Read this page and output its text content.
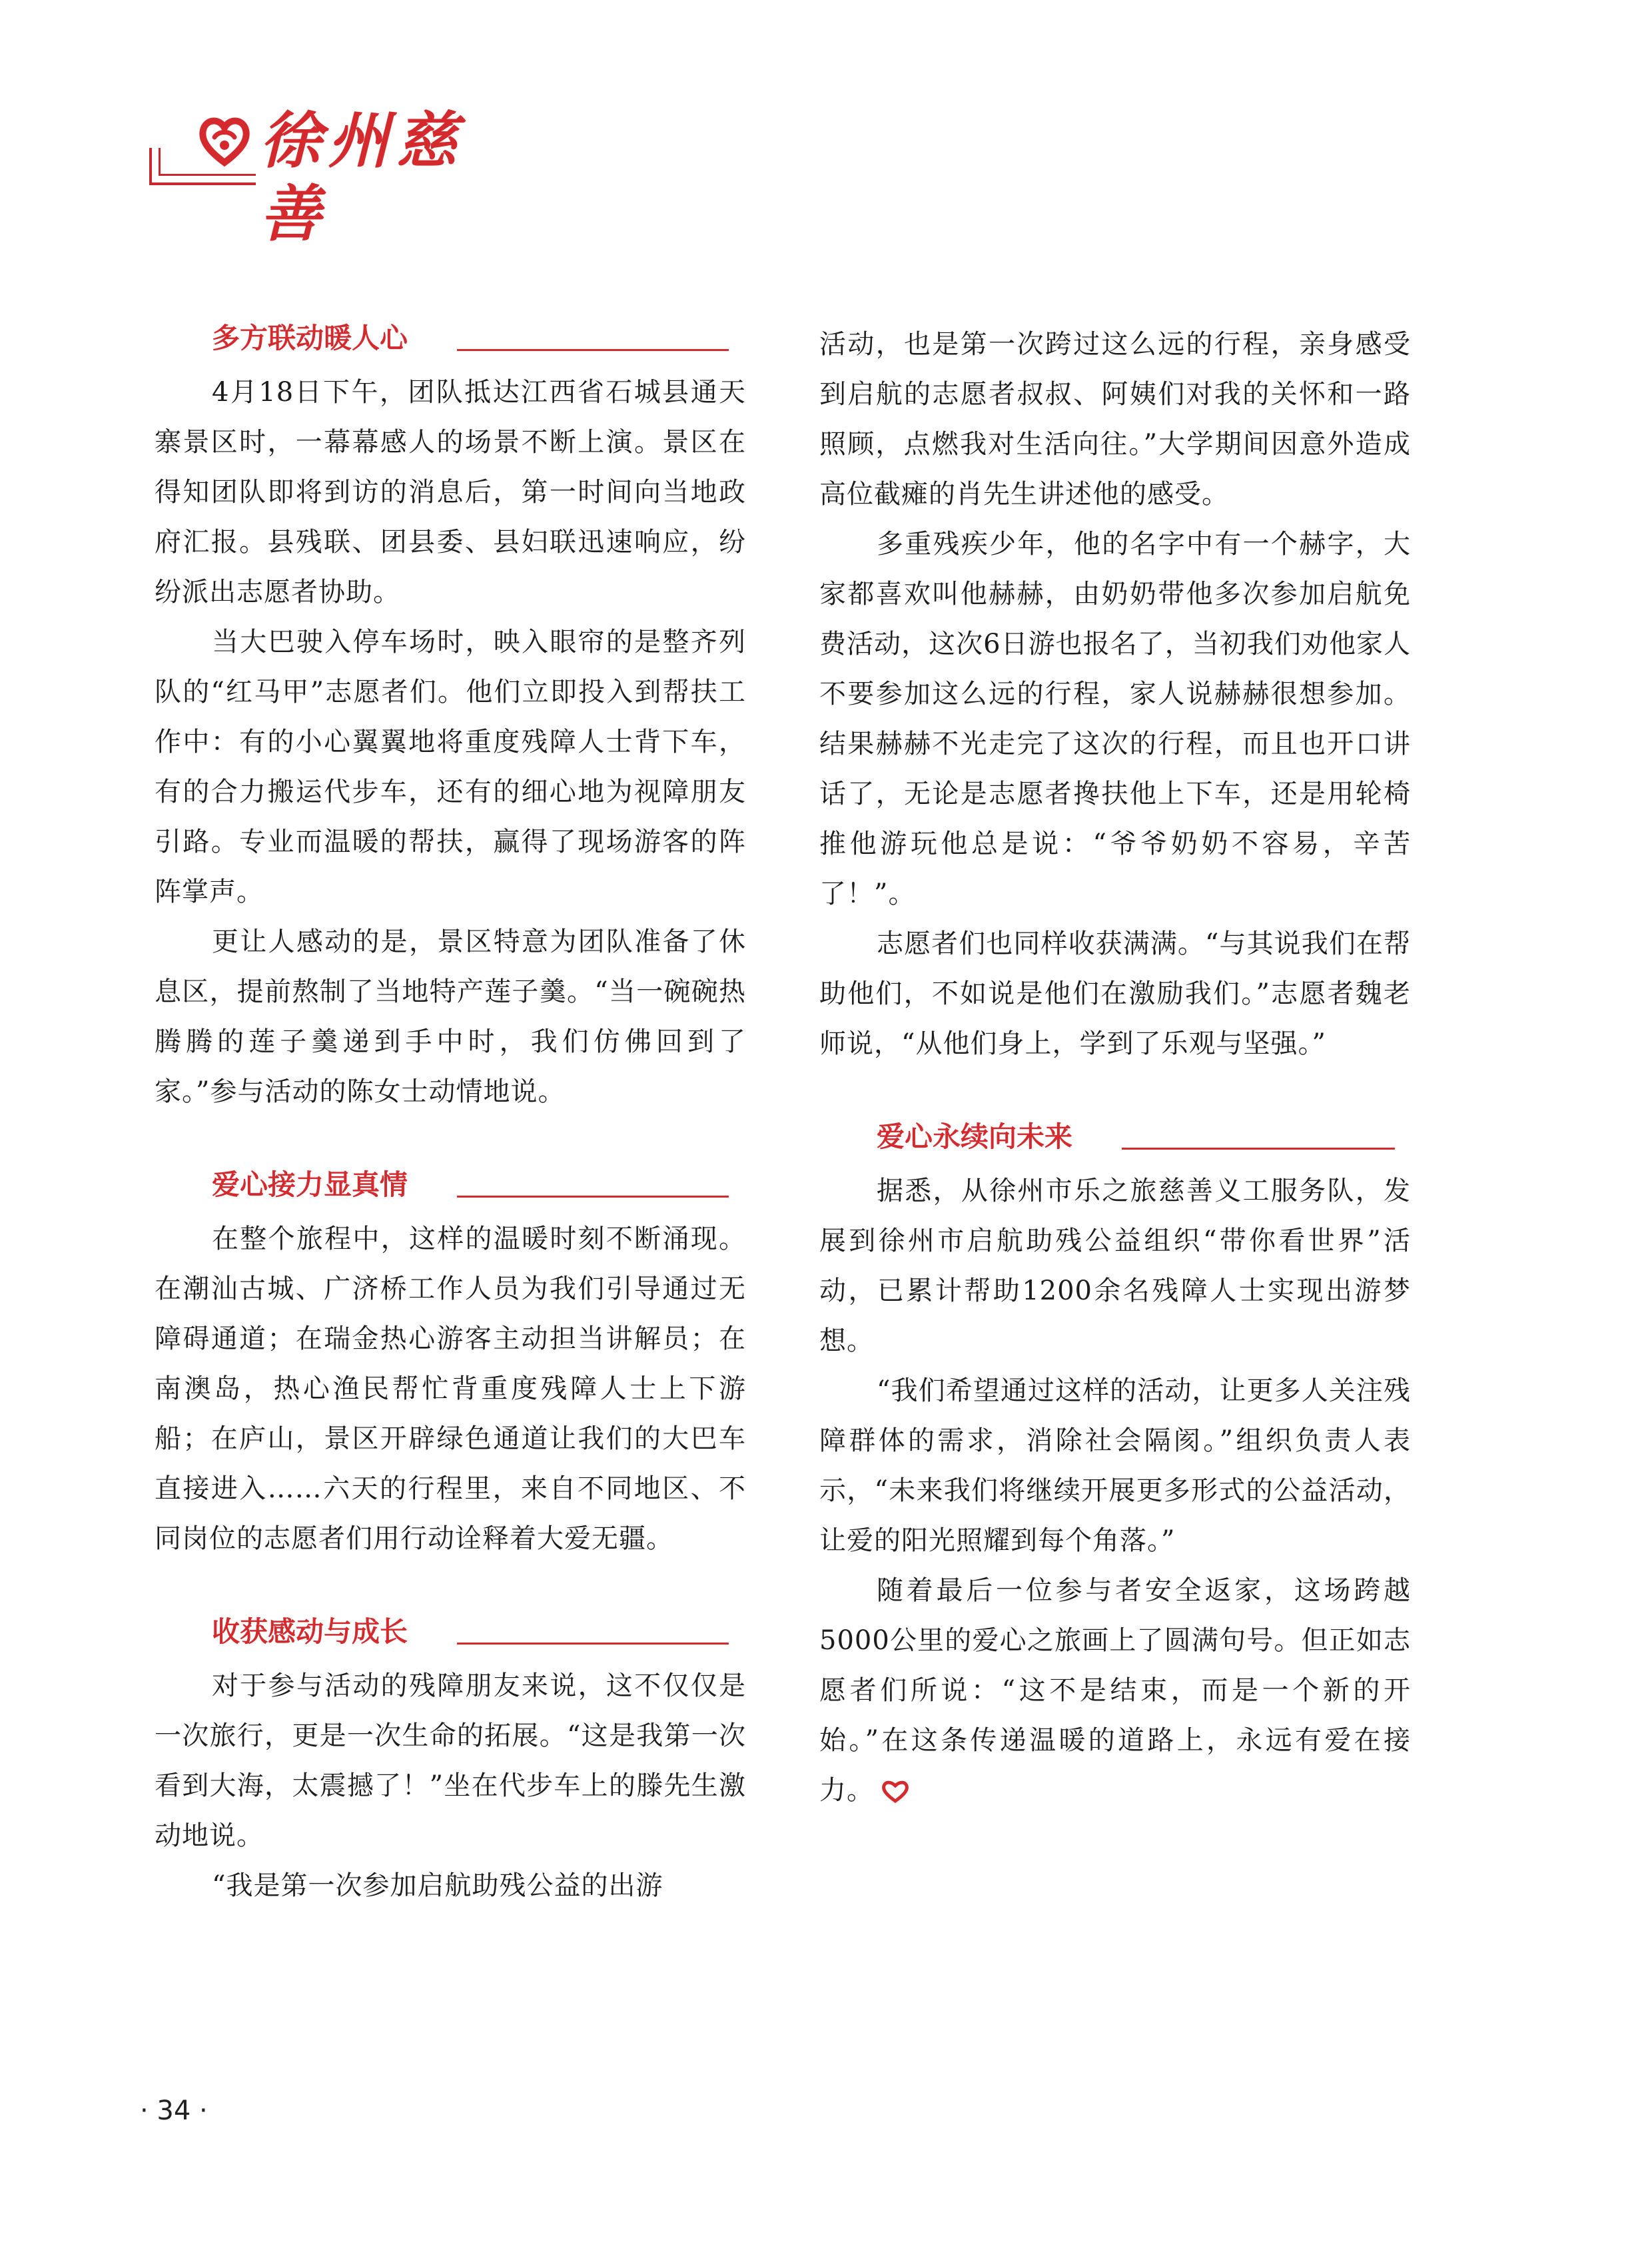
徐州慈善
多方联动暖人心

4月18日下午，团队抵达江西省石城县通天寨景区时，一幕幕感人的场景不断上演。景区在得知团队即将到访的消息后，第一时间向当地政府汇报。县残联、团县委、县妇联迅速响应，纷纷派出志愿者协助。

当大巴驶入停车场时，映入眼帘的是整齐列队的“红马甲”志愿者们。他们立即投入到帮扶工作中：有的小心翼翼地将重度残障人士背下车，有的合力搬运代步车，还有的细心地为视障朋友引路。专业而温暖的帮扶，赢得了现场游客的阵阵掌声。

更让人感动的是，景区特意为团队准备了休息区，提前熬制了当地特产莲子羹。“当一碗碗热腾腾的莲子羹递到手中时，我们仿佛回到了家。”参与活动的陈女士动情地说。

爱心接力显真情

在整个旅程中，这样的温暖时刻不断涌现。在潮汕古城、广济桥工作人员为我们引导通过无障碍通道；在瑞金热心游客主动担当讲解员；在南澳岛，热心渔民帮忙背重度残障人士上下游船；在庐山，景区开辟绿色通道让我们的大巴车直接进入……六天的行程里，来自不同地区、不同岗位的志愿者们用行动诠释着大爱无疆。

收获感动与成长

对于参与活动的残障朋友来说，这不仅仅是一次旅行，更是一次生命的拓展。“这是我第一次看到大海，太震撼了！”坐在代步车上的滕先生激动地说。

“我是第一次参加启航助残公益的出游

活动，也是第一次跨过这么远的行程，亲身感受到启航的志愿者叔叔、阿姨们对我的关怀和一路照顾，点燃我对生活向往。”大学期间因意外造成高位截瘫的肖先生讲述他的感受。

多重残疾少年，他的名字中有一个赫字，大家都喜欢叫他赫赫，由奶奶带他多次参加启航免费活动，这次6日游也报名了，当初我们劝他家人不要参加这么远的行程，家人说赫赫很想参加。结果赫赫不光走完了这次的行程，而且也开口讲话了，无论是志愿者搀扶他上下车，还是用轮椅推他游玩他总是说：“爷爷奶奶不容易，辛苦了！”。

志愿者们也同样收获满满。“与其说我们在帮助他们，不如说是他们在激励我们。”志愿者魏老师说，“从他们身上，学到了乐观与坚强。”

爱心永续向未来

据悉，从徐州市乐之旅慈善义工服务队，发展到徐州市启航助残公益组织“带你看世界”活动，已累计帮助1200余名残障人士实现出游梦想。

“我们希望通过这样的活动，让更多人关注残障群体的需求，消除社会隔阂。”组织负责人表示，“未来我们将继续开展更多形式的公益活动，让爱的阳光照耀到每个角落。”

随着最后一位参与者安全返家，这场跨越5000公里的爱心之旅画上了圆满句号。但正如志愿者们所说：“这不是结束，而是一个新的开始。”在这条传递温暖的道路上，永远有爱在接力。

· 34 ·
